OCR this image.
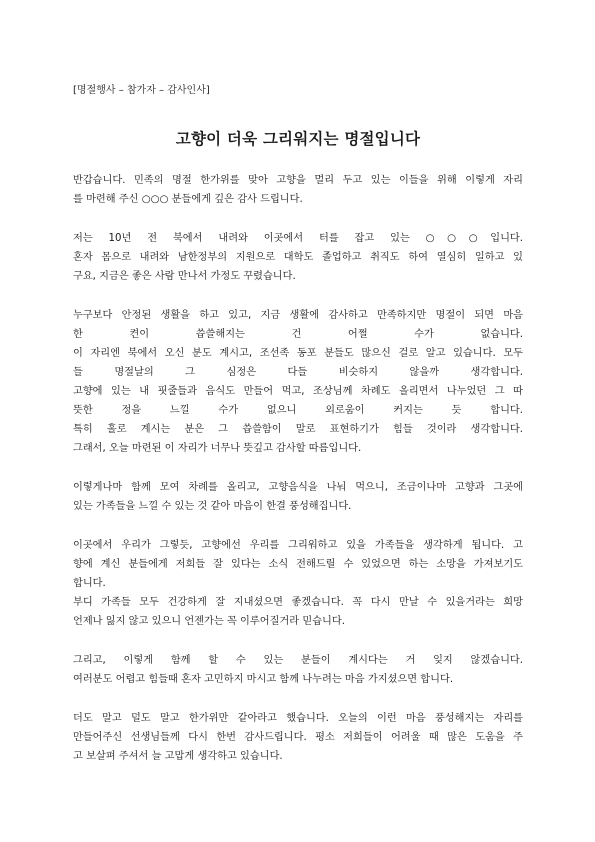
[명절행사 – 참가자 – 감사인사]
고향이 더욱 그리워지는 명절입니다
반갑습니다. 민족의 명절 한가위를 맞아 고향을 멀리 두고 있는 이들을 위해 이렇게 자리
를 마련해 주신 ○○○ 분들에게 깊은 감사 드립니다.
저는 10년 전 북에서 내려와 이곳에서 터를 잡고 있는 ○○○입니다.
혼자 몸으로 내려와 남한정부의 지원으로 대학도 졸업하고 취직도 하여 열심히 일하고 있
구요, 지금은 좋은 사람 만나서 가정도 꾸렸습니다.
누구보다 안정된 생활을 하고 있고, 지금 생활에 감사하고 만족하지만 명절이 되면 마음
한 켠이 씁쓸해지는 건 어쩔 수가 없습니다.
이 자리엔 북에서 오신 분도 계시고, 조선족 동포 분들도 많으신 걸로 알고 있습니다. 모두
들 명절날의 그 심정은 다들 비슷하지 않을까 생각합니다.
고향에 있는 내 핏줄들과 음식도 만들어 먹고, 조상님께 차례도 올리면서 나누었던 그 따
뜻한 정을 느낄 수가 없으니 외로움이 커지는 듯 합니다.
특히 홀로 계시는 분은 그 씁쓸함이 말로 표현하기가 힘들 것이라 생각합니다.
그래서, 오늘 마련된 이 자리가 너무나 뜻깊고 감사할 따름입니다.
이렇게나마 함께 모여 차례를 올리고, 고향음식을 나눠 먹으니, 조금이나마 고향과 그곳에
있는 가족들을 느낄 수 있는 것 같아 마음이 한결 풍성해집니다.
이곳에서 우리가 그렇듯, 고향에선 우리를 그리워하고 있을 가족들을 생각하게 됩니다. 고
향에 계신 분들에게 저희들 잘 있다는 소식 전해드릴 수 있었으면 하는 소망을 가져보기도
합니다.
부디 가족들 모두 건강하게 잘 지내셨으면 좋겠습니다. 꼭 다시 만날 수 있을거라는 희망
언제나 잃지 않고 있으니 언젠가는 꼭 이루어질거라 믿습니다.
그리고, 이렇게 함께 할 수 있는 분들이 계시다는 거 잊지 않겠습니다.
여러분도 어렵고 힘들때 혼자 고민하지 마시고 함께 나누려는 마음 가지셨으면 합니다.
더도 말고 덜도 말고 한가위만 같아라고 했습니다. 오늘의 이런 마음 풍성해지는 자리를
만들어주신 선생님들께 다시 한번 감사드립니다. 평소 저희들이 어려울 때 많은 도움을 주
고 보살펴 주셔서 늘 고맙게 생각하고 있습니다.
